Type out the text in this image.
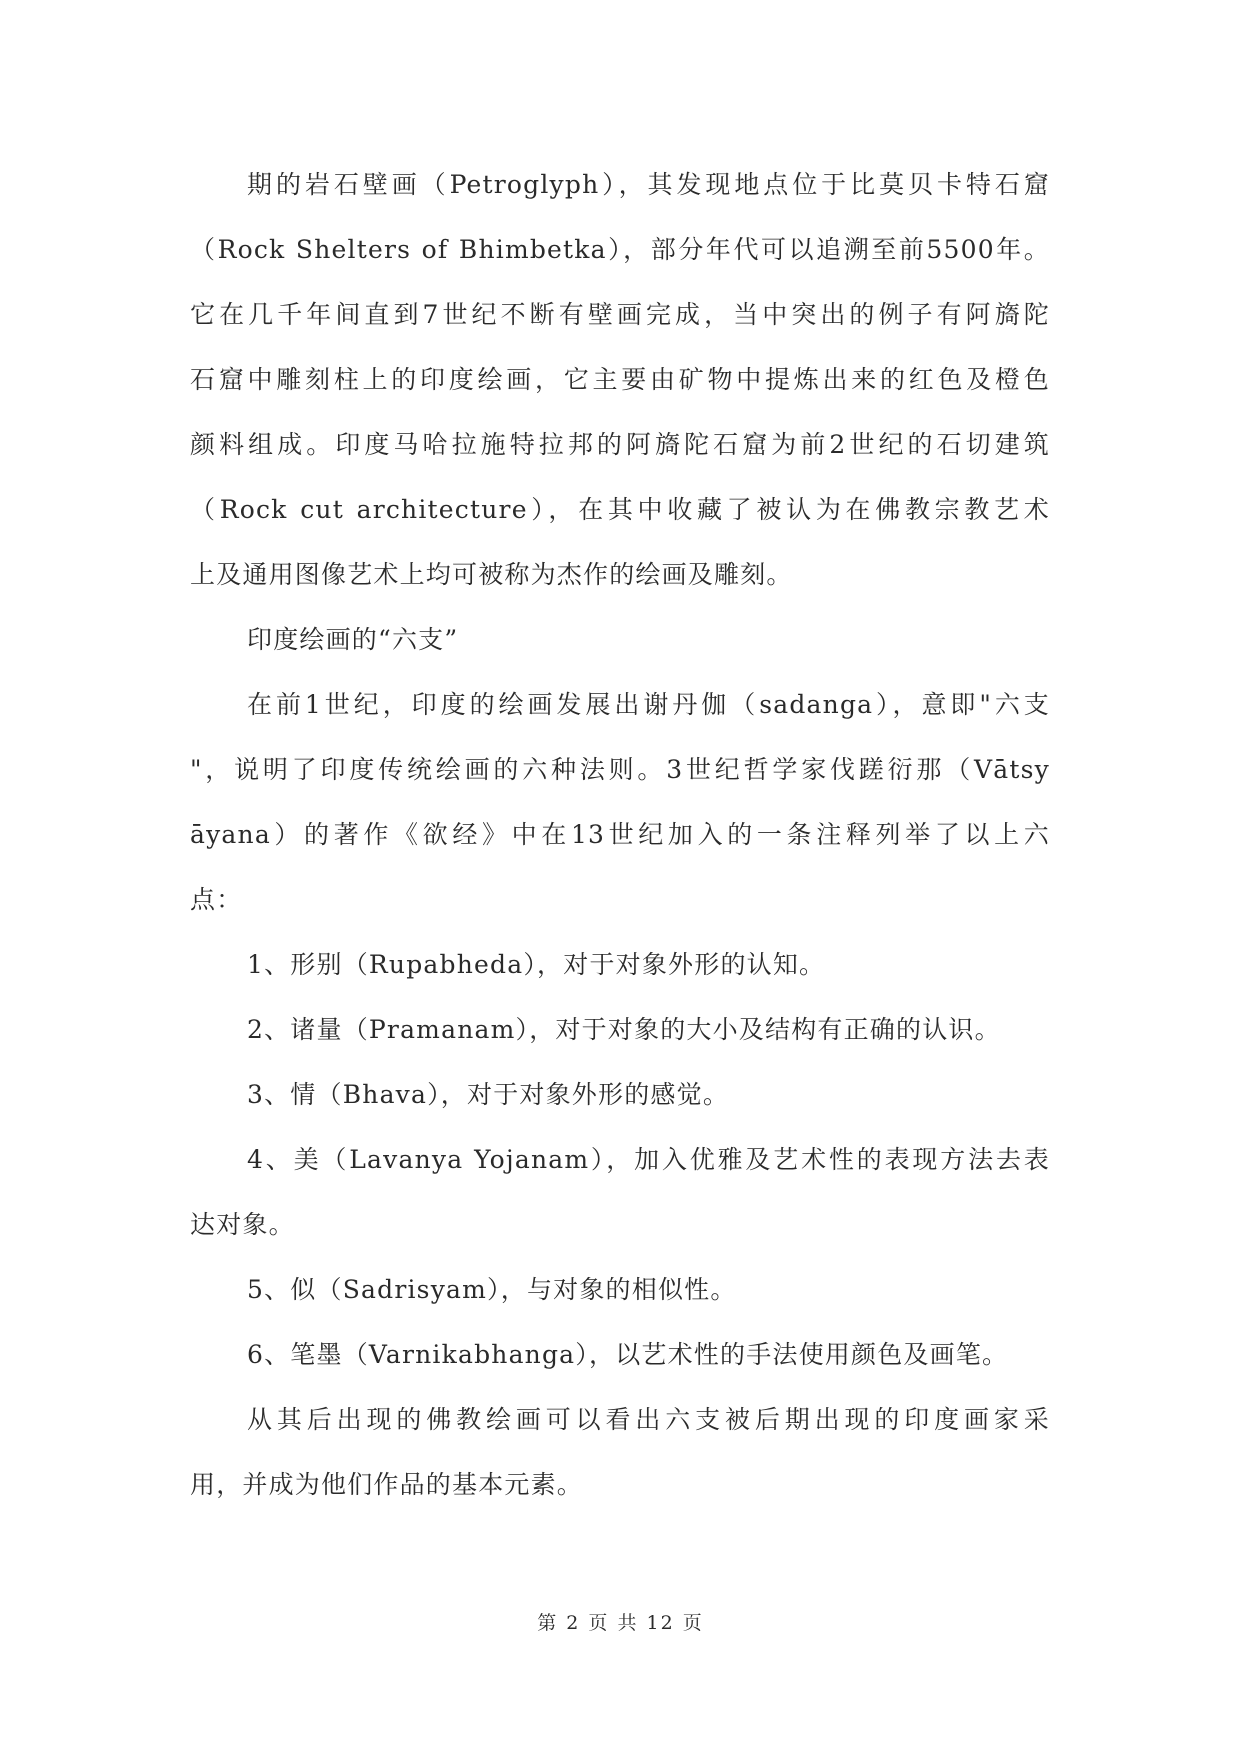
期的岩石壁画（Petroglyph），其发现地点位于比莫贝卡特石窟
（Rock Shelters of Bhimbetka），部分年代可以追溯至前5500年。
它在几千年间直到7世纪不断有壁画完成，当中突出的例子有阿旖陀
石窟中雕刻柱上的印度绘画，它主要由矿物中提炼出来的红色及橙色
颜料组成。印度马哈拉施特拉邦的阿旖陀石窟为前2世纪的石切建筑
（Rock cut architecture），在其中收藏了被认为在佛教宗教艺术
上及通用图像艺术上均可被称为杰作的绘画及雕刻。
印度绘画的“六支”
在前1世纪，印度的绘画发展出谢丹伽（sadanga），意即"六支
"，说明了印度传统绘画的六种法则。3世纪哲学家伐蹉衍那（Vātsy
āyana）的著作《欲经》中在13世纪加入的一条注释列举了以上六
点：
1、形别（Rupabheda），对于对象外形的认知。
2、诸量（Pramanam），对于对象的大小及结构有正确的认识。
3、情（Bhava），对于对象外形的感觉。
4、美（Lavanya Yojanam），加入优雅及艺术性的表现方法去表
达对象。
5、似（Sadrisyam），与对象的相似性。
6、笔墨（Varnikabhanga），以艺术性的手法使用颜色及画笔。
从其后出现的佛教绘画可以看出六支被后期出现的印度画家采
用，并成为他们作品的基本元素。
第 2 页 共 12 页
